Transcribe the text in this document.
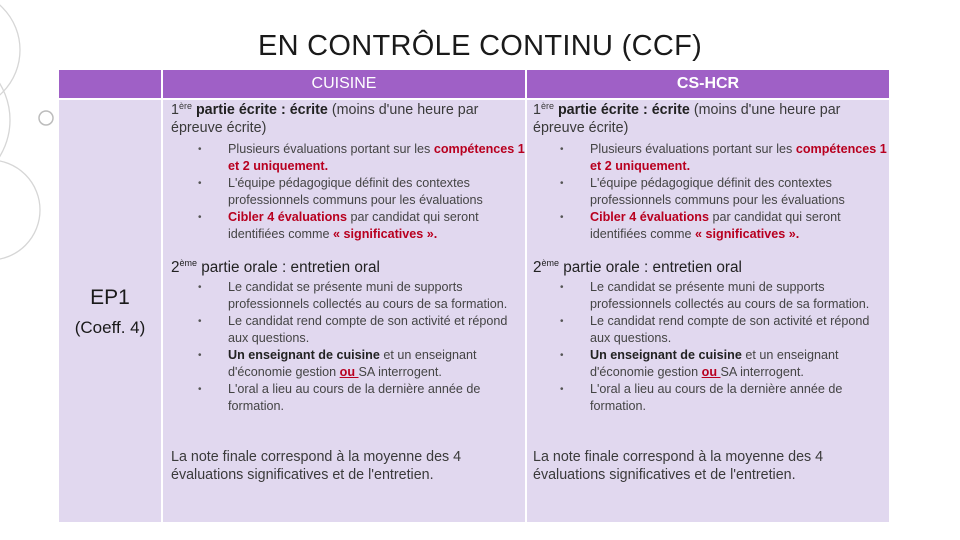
EN CONTRÔLE CONTINU (CCF)
CUISINE	CS-HCR
EP1
(Coeff. 4)
1ère partie écrite : écrite (moins d'une heure par épreuve écrite)
• Plusieurs évaluations portant sur les compétences 1 et 2 uniquement.
• L'équipe pédagogique définit des contextes professionnels communs pour les évaluations
• Cibler 4 évaluations par candidat qui seront identifiées comme « significatives ».
2ème partie orale : entretien oral
• Le candidat se présente muni de supports professionnels collectés au cours de sa formation.
• Le candidat rend compte de son activité et répond aux questions.
• Un enseignant de cuisine et un enseignant d'économie gestion ou SA interrogent.
• L'oral a lieu au cours de la dernière année de formation.
La note finale correspond à la moyenne des 4 évaluations significatives et de l'entretien.
1ère partie écrite : écrite (moins d'une heure par épreuve écrite)
• Plusieurs évaluations portant sur les compétences 1 et 2 uniquement.
• L'équipe pédagogique définit des contextes professionnels communs pour les évaluations
• Cibler 4 évaluations par candidat qui seront identifiées comme « significatives ».
2ème partie orale : entretien oral
• Le candidat se présente muni de supports professionnels collectés au cours de sa formation.
• Le candidat rend compte de son activité et répond aux questions.
• Un enseignant de cuisine et un enseignant d'économie gestion ou SA interrogent.
• L'oral a lieu au cours de la dernière année de formation.
La note finale correspond à la moyenne des 4 évaluations significatives et de l'entretien.
